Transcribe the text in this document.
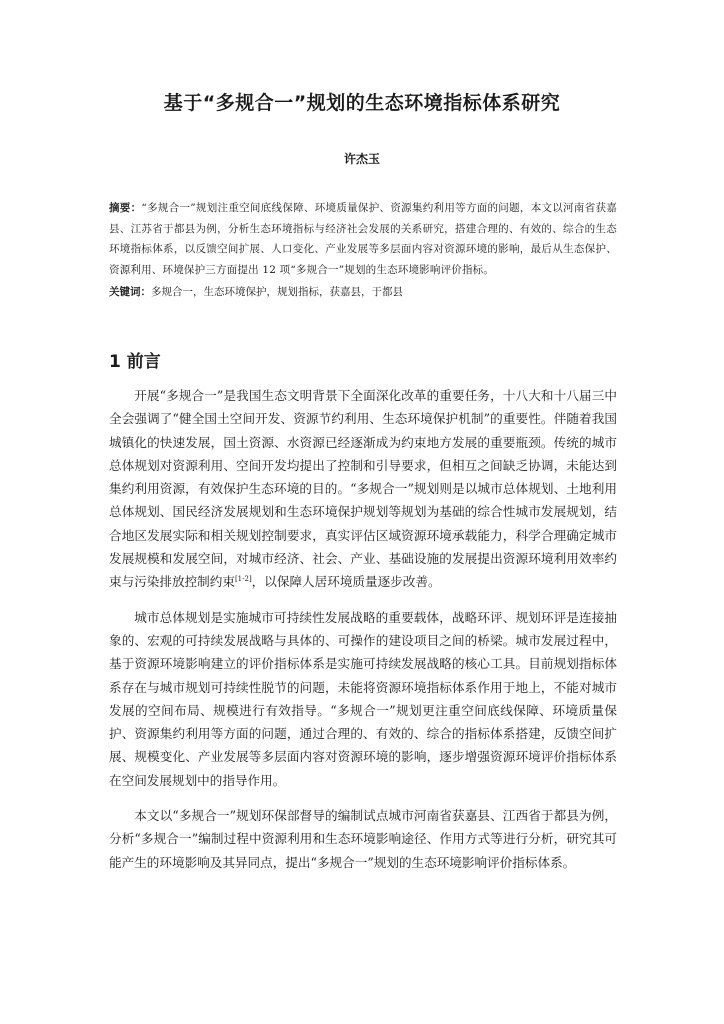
基于“多规合一”规划的生态环境指标体系研究
许杰玉
摘要：“多规合一”规划注重空间底线保障、环境质量保护、资源集约利用等方面的问题，本文以河南省获嘉县、江苏省于都县为例，分析生态环境指标与经济社会发展的关系研究，搭建合理的、有效的、综合的生态环境指标体系，以反馈空间扩展、人口变化、产业发展等多层面内容对资源环境的影响，最后从生态保护、资源利用、环境保护三方面提出 12 项“多规合一”规划的生态环境影响评价指标。
关键词：多规合一，生态环境保护，规划指标，获嘉县，于都县
1 前言

开展“多规合一”是我国生态文明背景下全面深化改革的重要任务，十八大和十八届三中全会强调了“健全国土空间开发、资源节约利用、生态环境保护机制”的重要性。伴随着我国城镇化的快速发展，国土资源、水资源已经逐渐成为约束地方发展的重要瓶颈。传统的城市总体规划对资源利用、空间开发均提出了控制和引导要求，但相互之间缺乏协调，未能达到集约利用资源，有效保护生态环境的目的。“多规合一”规划则是以城市总体规划、土地利用总体规划、国民经济发展规划和生态环境保护规划等规划为基础的综合性城市发展规划，结合地区发展实际和相关规划控制要求，真实评估区域资源环境承载能力，科学合理确定城市发展规模和发展空间，对城市经济、社会、产业、基础设施的发展提出资源环境利用效率约束与污染排放控制约束[1-2]，以保障人居环境质量逐步改善。

城市总体规划是实施城市可持续性发展战略的重要载体，战略环评、规划环评是连接抽象的、宏观的可持续发展战略与具体的、可操作的建设项目之间的桥梁。城市发展过程中，基于资源环境影响建立的评价指标体系是实施可持续发展战略的核心工具。目前规划指标体系存在与城市规划可持续性脱节的问题，未能将资源环境指标体系作用于地上，不能对城市发展的空间布局、规模进行有效指导。“多规合一”规划更注重空间底线保障、环境质量保护、资源集约利用等方面的问题，通过合理的、有效的、综合的指标体系搭建，反馈空间扩展、规模变化、产业发展等多层面内容对资源环境的影响，逐步增强资源环境评价指标体系在空间发展规划中的指导作用。

本文以“多规合一”规划环保部督导的编制试点城市河南省获嘉县、江西省于都县为例，分析“多规合一”编制过程中资源利用和生态环境影响途径、作用方式等进行分析，研究其可能产生的环境影响及其异同点，提出“多规合一”规划的生态环境影响评价指标体系。
